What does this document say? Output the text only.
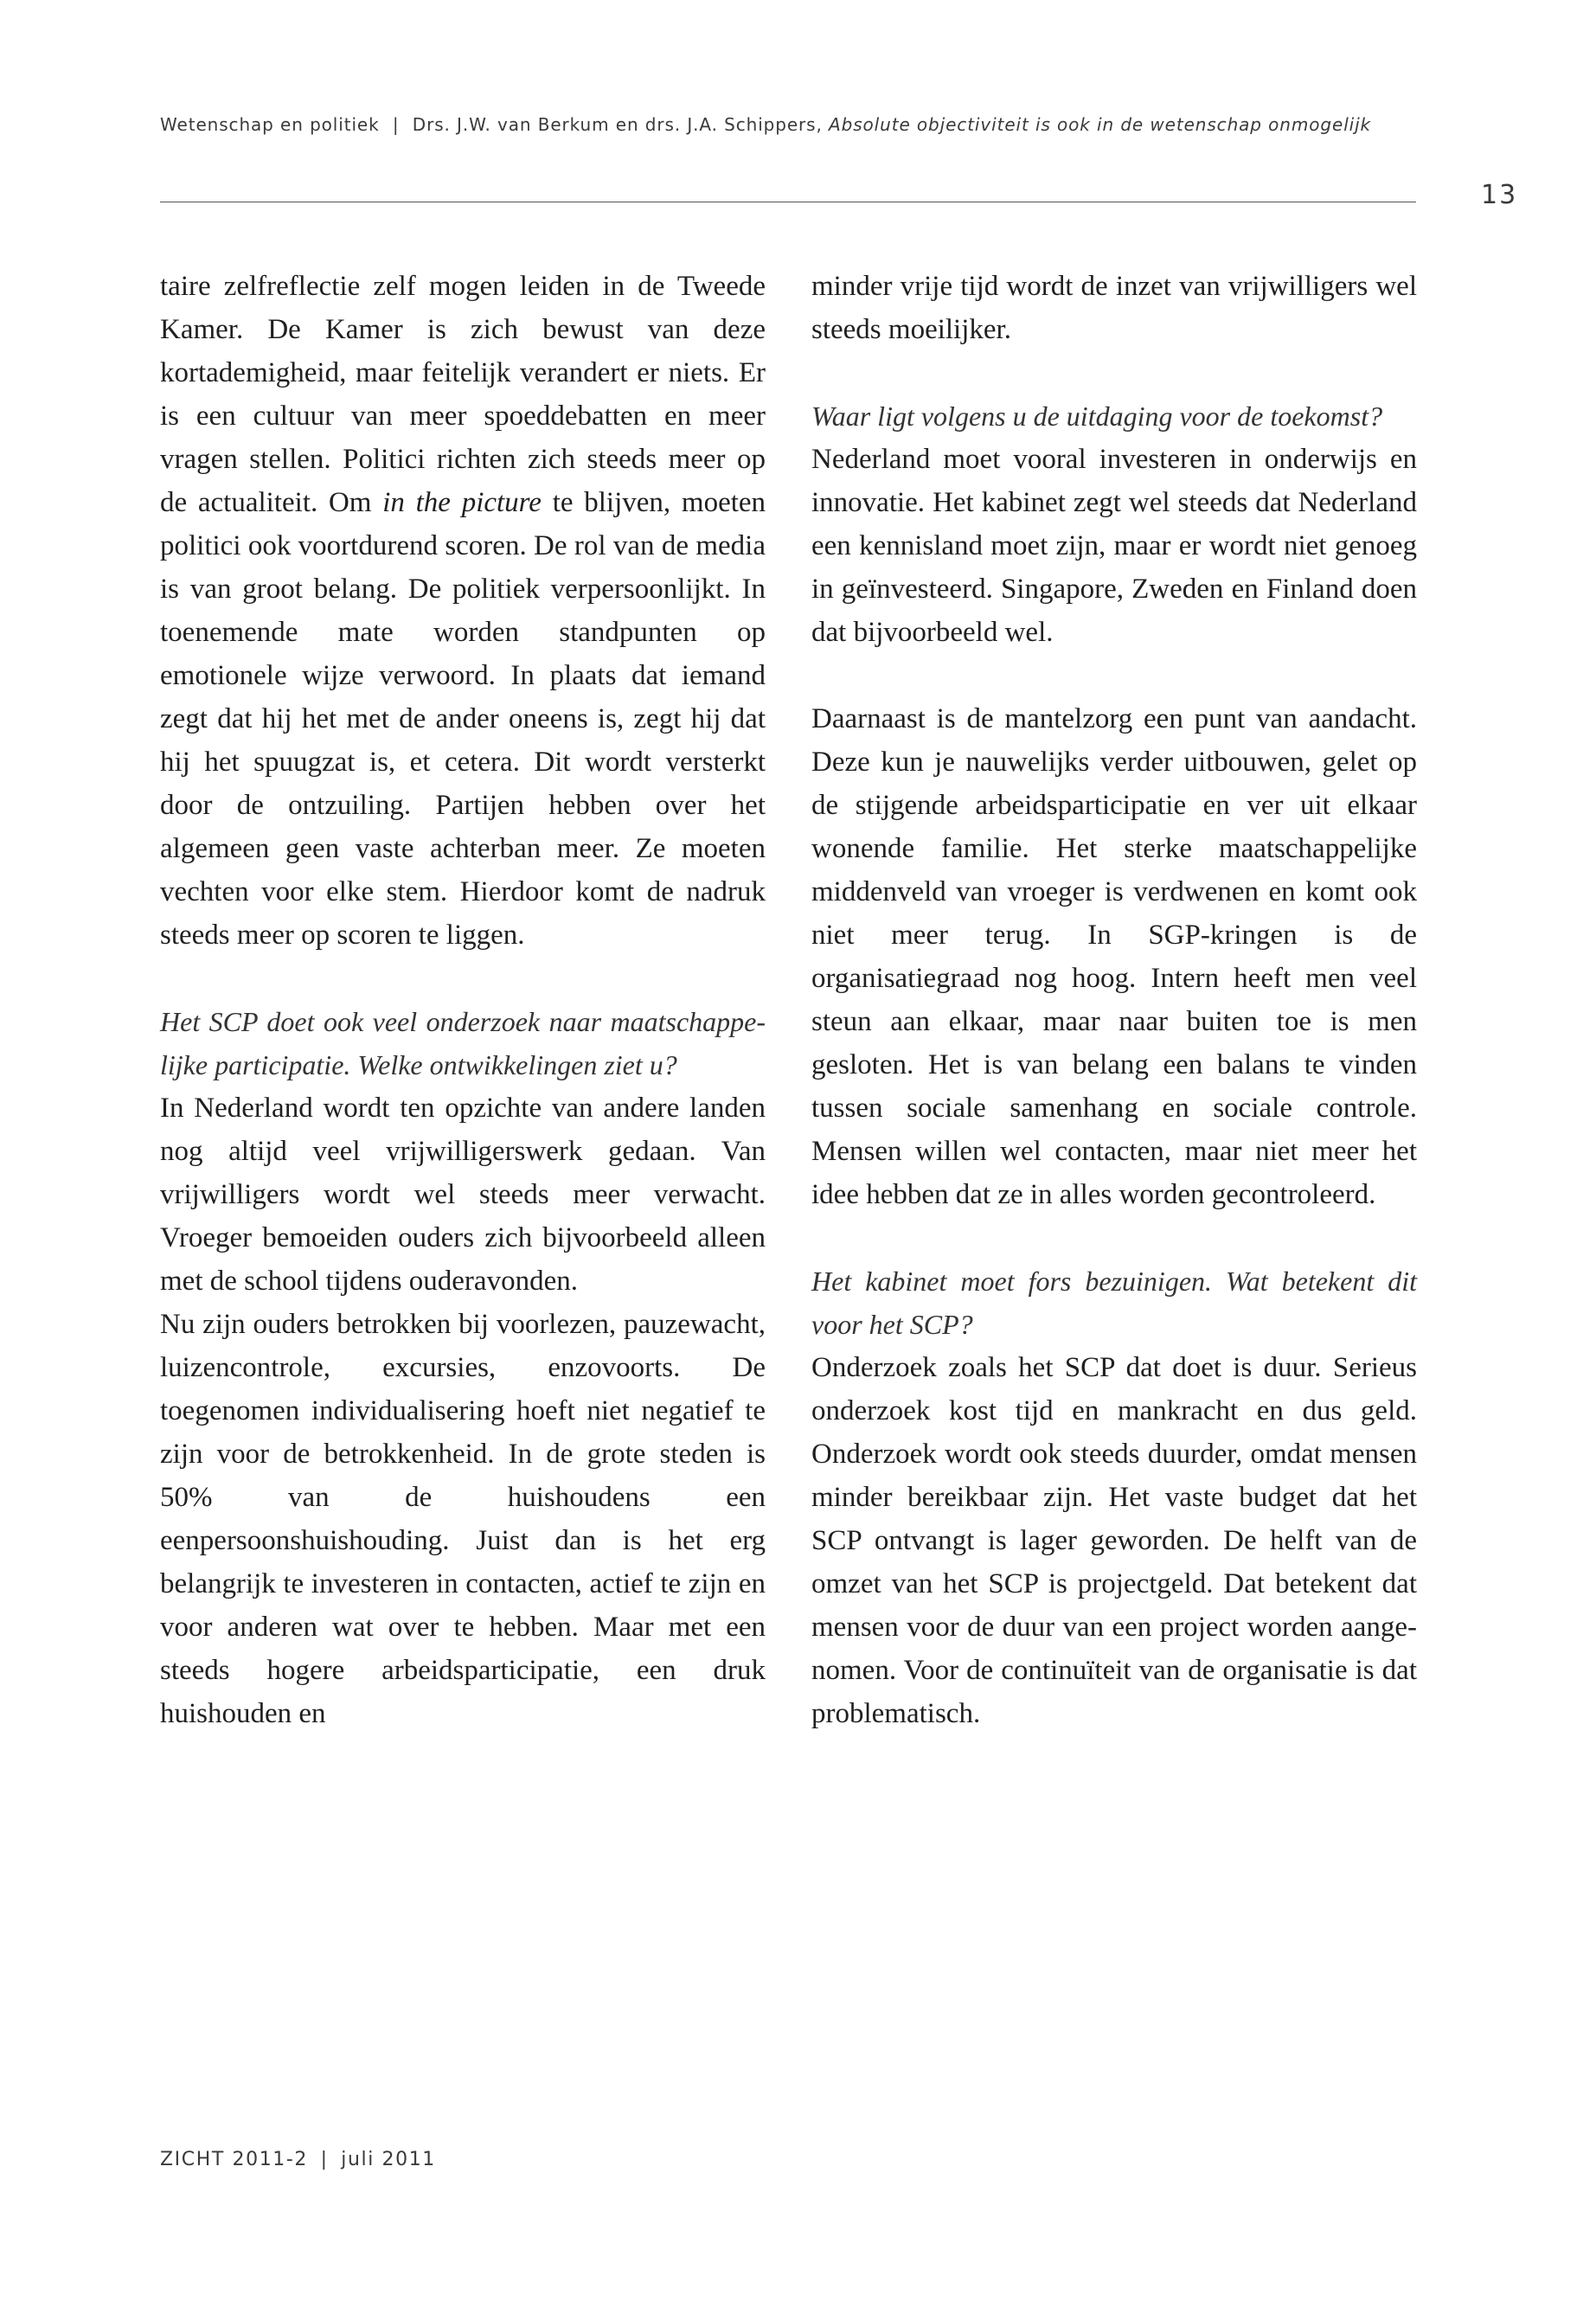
Wetenschap en politiek | Drs. J.W. van Berkum en drs. J.A. Schippers, Absolute objectiviteit is ook in de wetenschap onmogelijk
13

taire zelfreflectie zelf mogen leiden in de Tweede Kamer. De Kamer is zich bewust van deze kortademigheid, maar feitelijk verandert er niets. Er is een cultuur van meer spoeddebatten en meer vragen stellen. Politici richten zich steeds meer op de actualiteit. Om in the picture te blijven, moeten politici ook voortdurend scoren. De rol van de media is van groot belang. De politiek verpersoonlijkt. In toenemende mate worden standpunten op emotionele wijze verwoord. In plaats dat iemand zegt dat hij het met de ander oneens is, zegt hij dat hij het spuugzat is, et cetera. Dit wordt versterkt door de ontzuiling. Partijen hebben over het algemeen geen vaste achterban meer. Ze moeten vechten voor elke stem. Hierdoor komt de nadruk steeds meer op scoren te liggen.

Het SCP doet ook veel onderzoek naar maatschappelijke participatie. Welke ontwikkelingen ziet u?

In Nederland wordt ten opzichte van andere landen nog altijd veel vrijwilligerswerk gedaan. Van vrijwilligers wordt wel steeds meer verwacht. Vroeger bemoeiden ouders zich bijvoorbeeld alleen met de school tijdens ouderavonden.

Nu zijn ouders betrokken bij voorlezen, pauzewacht, luizencontrole, excursies, enzovoorts. De toegenomen individualisering hoeft niet negatief te zijn voor de betrokkenheid. In de grote steden is 50% van de huishoudens een eenpersoonshuishouding. Juist dan is het erg belangrijk te investeren in contacten, actief te zijn en voor anderen wat over te hebben. Maar met een steeds hogere arbeidsparticipatie, een druk huishouden en

minder vrije tijd wordt de inzet van vrijwilligers wel steeds moeilijker.

Waar ligt volgens u de uitdaging voor de toekomst?

Nederland moet vooral investeren in onderwijs en innovatie. Het kabinet zegt wel steeds dat Nederland een kennisland moet zijn, maar er wordt niet genoeg in geïnvesteerd. Singapore, Zweden en Finland doen dat bijvoorbeeld wel.

Daarnaast is de mantelzorg een punt van aandacht. Deze kun je nauwelijks verder uitbouwen, gelet op de stijgende arbeidsparticipatie en ver uit elkaar wonende familie. Het sterke maatschappelijke middenveld van vroeger is verdwenen en komt ook niet meer terug. In SGP-kringen is de organisatiegraad nog hoog. Intern heeft men veel steun aan elkaar, maar naar buiten toe is men gesloten. Het is van belang een balans te vinden tussen sociale samenhang en sociale controle. Mensen willen wel contacten, maar niet meer het idee hebben dat ze in alles worden gecontroleerd.

Het kabinet moet fors bezuinigen. Wat betekent dit voor het SCP?

Onderzoek zoals het SCP dat doet is duur. Serieus onderzoek kost tijd en mankracht en dus geld. Onderzoek wordt ook steeds duurder, omdat mensen minder bereikbaar zijn. Het vaste budget dat het SCP ontvangt is lager geworden. De helft van de omzet van het SCP is projectgeld. Dat betekent dat mensen voor de duur van een project worden aangenomen. Voor de continuïteit van de organisatie is dat problematisch.

ZICHT 2011-2 | juli 2011
